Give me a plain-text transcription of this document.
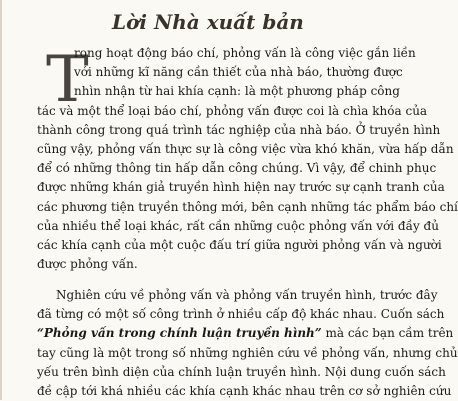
Lời Nhà xuất bản
T
rong hoạt động báo chí, phỏng vấn là công việc gắn liền
với những kĩ năng cần thiết của nhà báo, thường được
nhìn nhận từ hai khía cạnh: là một phương pháp công
tác và một thể loại báo chí, phỏng vấn được coi là chìa khóa của
thành công trong quá trình tác nghiệp của nhà báo. Ở truyền hình
cũng vậy, phỏng vấn thực sự là công việc vừa khó khăn, vừa hấp dẫn
để có những thông tin hấp dẫn công chúng. Vì vậy, để chinh phục
được những khán giả truyền hình hiện nay trước sự cạnh tranh của
các phương tiện truyền thông mới, bên cạnh những tác phẩm báo chí
của nhiều thể loại khác, rất cần những cuộc phỏng vấn với đầy đủ
các khía cạnh của một cuộc đấu trí giữa người phỏng vấn và người
được phỏng vấn.
Nghiên cứu về phỏng vấn và phỏng vấn truyền hình, trước đây
đã từng có một số công trình ở nhiều cấp độ khác nhau. Cuốn sách
“Phỏng vấn trong chính luận truyền hình” mà các bạn cầm trên
tay cũng là một trong số những nghiên cứu về phỏng vấn, nhưng chủ
yếu trên bình diện của chính luận truyền hình. Nội dung cuốn sách
đề cập tới khá nhiều các khía cạnh khác nhau trên cơ sở nghiên cứu
